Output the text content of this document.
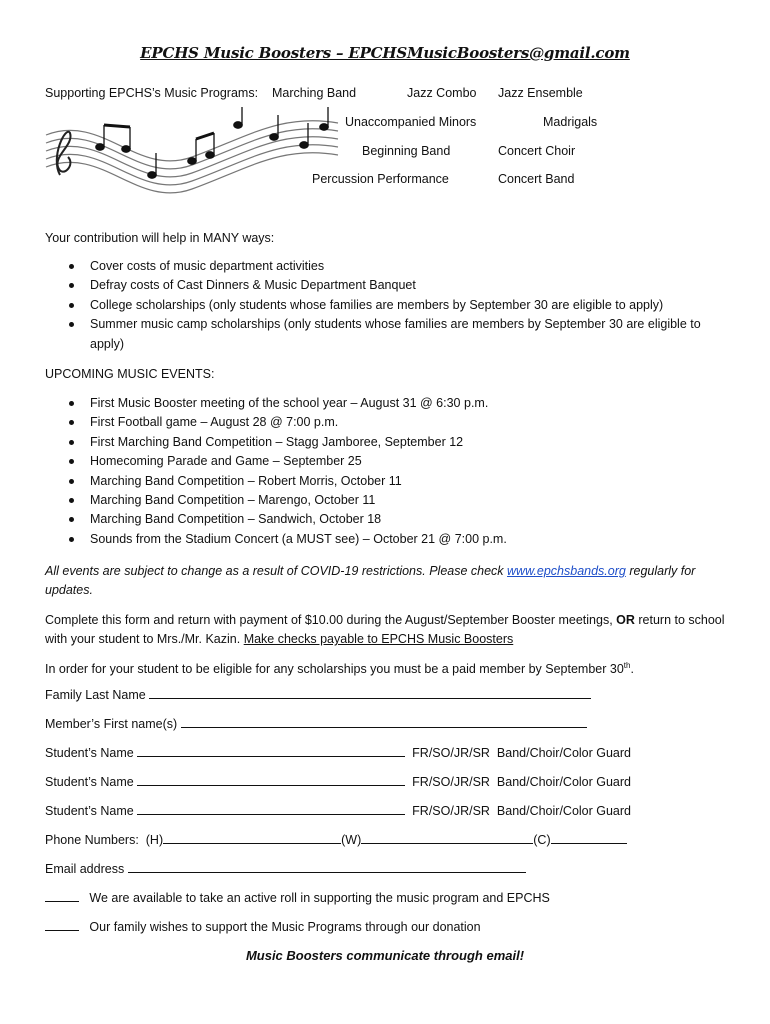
EPCHS Music Boosters – EPCHSMusicBoosters@gmail.com
Supporting EPCHS’s Music Programs: Marching Band	Jazz Combo Jazz Ensemble
Unaccompanied Minors	Madrigals
Beginning Band	Concert Choir
Percussion Performance	Concert Band
Your contribution will help in MANY ways:
Cover costs of music department activities
Defray costs of Cast Dinners & Music Department Banquet
College scholarships (only students whose families are members by September 30 are eligible to apply)
Summer music camp scholarships (only students whose families are members by September 30 are eligible to apply)
UPCOMING MUSIC EVENTS:
First Music Booster meeting of the school year – August 31 @ 6:30 p.m.
First Football game – August 28 @ 7:00 p.m.
First Marching Band Competition – Stagg Jamboree, September 12
Homecoming Parade and Game – September 25
Marching Band Competition – Robert Morris, October 11
Marching Band Competition – Marengo, October 11
Marching Band Competition – Sandwich, October 18
Sounds from the Stadium Concert (a MUST see) – October 21 @ 7:00 p.m.
All events are subject to change as a result of COVID-19 restrictions. Please check www.epchsbands.org regularly for updates.
Complete this form and return with payment of $10.00 during the August/September Booster meetings, OR return to school with your student to Mrs./Mr. Kazin. Make checks payable to EPCHS Music Boosters
In order for your student to be eligible for any scholarships you must be a paid member by September 30th.
Family Last Name
Member’s First name(s)
Student’s Name	FR/SO/JR/SR Band/Choir/Color Guard
Student’s Name	FR/SO/JR/SR Band/Choir/Color Guard
Student’s Name	FR/SO/JR/SR Band/Choir/Color Guard
Phone Numbers: (H)	(W)	(C)
Email address
We are available to take an active roll in supporting the music program and EPCHS
Our family wishes to support the Music Programs through our donation
Music Boosters communicate through email!
